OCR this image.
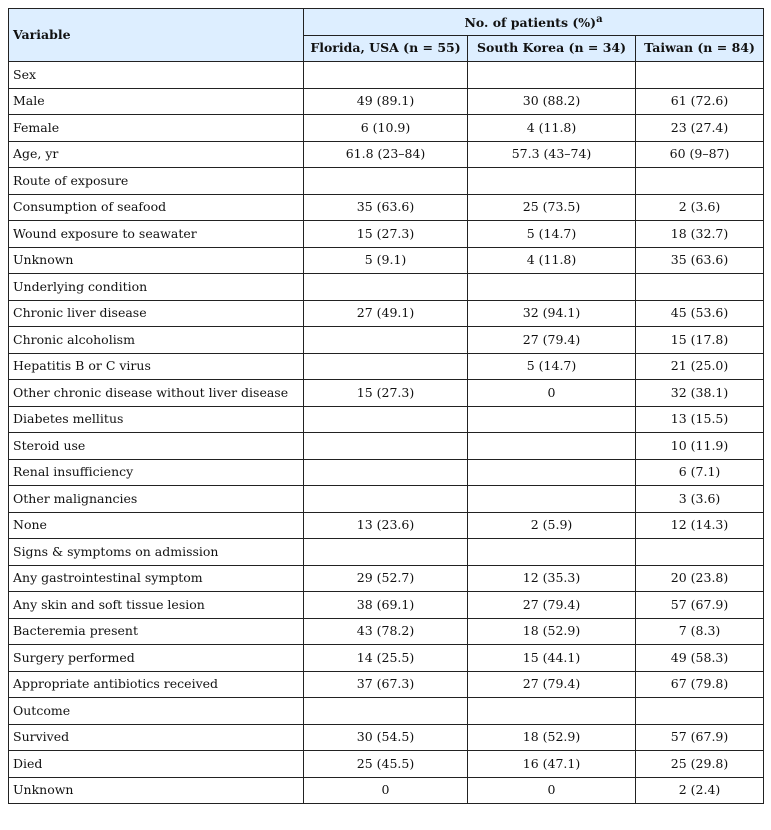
Variable	No. of patients (%)$^a$
	Florida, USA (n = 55)	South Korea (n = 34)	Taiwan (n = 84)
Sex			
Male	49 (89.1)	30 (88.2)	61 (72.6)
Female	6 (10.9)	4 (11.8)	23 (27.4)
Age, yr	61.8 (23–84)	57.3 (43–74)	60 (9–87)
Route of exposure			
Consumption of seafood	35 (63.6)	25 (73.5)	2 (3.6)
Wound exposure to seawater	15 (27.3)	5 (14.7)	18 (32.7)
Unknown	5 (9.1)	4 (11.8)	35 (63.6)
Underlying condition			
Chronic liver disease	27 (49.1)	32 (94.1)	45 (53.6)
Chronic alcoholism		27 (79.4)	15 (17.8)
Hepatitis B or C virus		5 (14.7)	21 (25.0)
Other chronic disease without liver disease	15 (27.3)	0	32 (38.1)
Diabetes mellitus			13 (15.5)
Steroid use			10 (11.9)
Renal insufficiency			6 (7.1)
Other malignancies			3 (3.6)
None	13 (23.6)	2 (5.9)	12 (14.3)
Signs & symptoms on admission			
Any gastrointestinal symptom	29 (52.7)	12 (35.3)	20 (23.8)
Any skin and soft tissue lesion	38 (69.1)	27 (79.4)	57 (67.9)
Bacteremia present	43 (78.2)	18 (52.9)	7 (8.3)
Surgery performed	14 (25.5)	15 (44.1)	49 (58.3)
Appropriate antibiotics received	37 (67.3)	27 (79.4)	67 (79.8)
Outcome			
Survived	30 (54.5)	18 (52.9)	57 (67.9)
Died	25 (45.5)	16 (47.1)	25 (29.8)
Unknown	0	0	2 (2.4)
